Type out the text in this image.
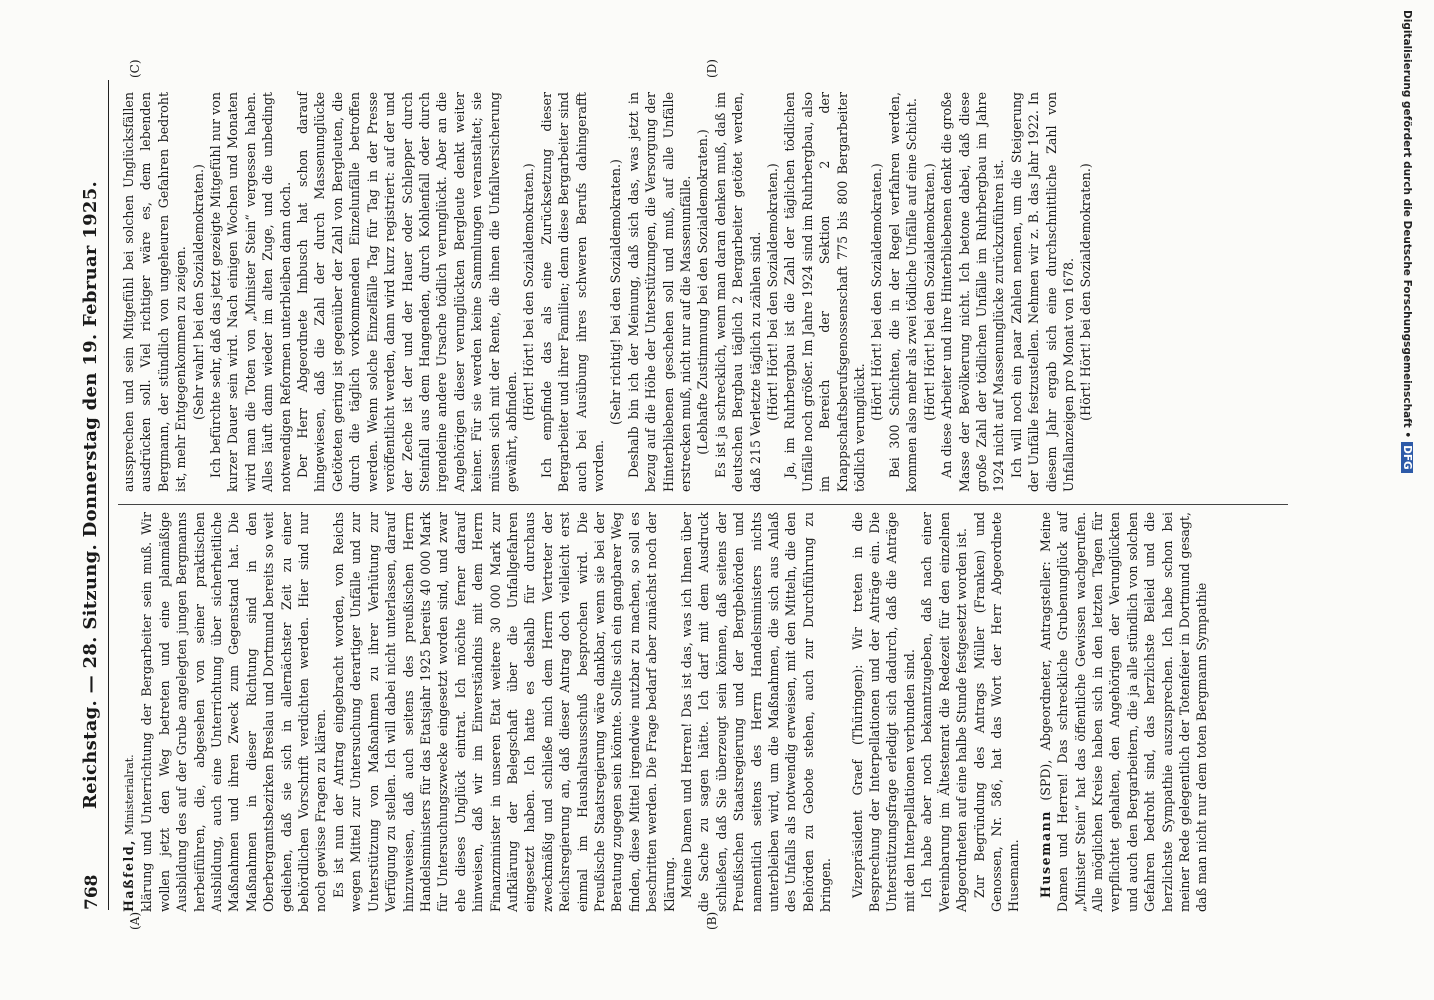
768
Reichstag. — 28. Sitzung. Donnerstag den 19. Februar 1925.
(A)	(B)
(C)	(D)

Haßfeld, Ministerialrat. klärung und Unterrichtung der Bergarbeiter sein muß. Wir wollen jetzt den Weg betreten und eine planmäßige Ausbildung des auf der Grube angelegten jungen Bergmanns herbeiführen, die, abgesehen von seiner praktischen Ausbildung, auch eine Unterrichtung über sicherheitliche Maßnahmen und ihren Zweck zum Gegenstand hat. Die Maßnahmen in dieser Richtung sind in den Oberbergamtsbezirken Breslau und Dortmund bereits so weit gediehen, daß sie sich in allernächster Zeit zu einer behördlichen Vorschrift verdichten werden. Hier sind nur noch gewisse Fragen zu klären. Es ist nun der Antrag eingebracht worden, von Reichs wegen Mittel zur Untersuchung derartiger Unfälle und zur Unterstützung von Maßnahmen zu ihrer Verhütung zur Verfügung zu stellen. Ich will dabei nicht unterlassen, darauf hinzuweisen, daß auch seitens des preußischen Herrn Handelsministers für das Etatsjahr 1925 bereits 40 000 Mark für Untersuchungszwecke eingesetzt worden sind, und zwar ehe dieses Unglück eintrat. Ich möchte ferner darauf hinweisen, daß wir im Einverständnis mit dem Herrn Finanzminister in unseren Etat weitere 30 000 Mark zur Aufklärung der Belegschaft über die Unfallgefahren eingesetzt haben. Ich hatte es deshalb für durchaus zweckmäßig und schließe mich dem Herrn Vertreter der Reichsregierung an, daß dieser Antrag doch vielleicht erst einmal im Haushaltsausschuß besprochen wird. Die Preußische Staatsregierung wäre dankbar, wenn sie bei der Beratung zugegen sein könnte. Sollte sich ein gangbarer Weg finden, diese Mittel irgendwie nutzbar zu machen, so soll es beschritten werden. Die Frage bedarf aber zunächst noch der Klärung. Meine Damen und Herren! Das ist das, was ich Ihnen über die Sache zu sagen hätte. Ich darf mit dem Ausdruck schließen, daß Sie überzeugt sein können, daß seitens der Preußischen Staatsregierung und der Bergbehörden und namentlich seitens des Herrn Handelsministers nichts unterbleiben wird, um die Maßnahmen, die sich aus Anlaß des Unfalls als notwendig erweisen, mit den Mitteln, die den Behörden zu Gebote stehen, auch zur Durchführung zu bringen. Vizepräsident Graef (Thüringen): Wir treten in die Besprechung der Interpellationen und der Anträge ein. Die Unterstützungsfrage erledigt sich dadurch, daß die Anträge mit den Interpellationen verbunden sind. Ich habe aber noch bekanntzugeben, daß nach einer Vereinbarung im Ältestenrat die Redezeit für den einzelnen Abgeordneten auf eine halbe Stunde festgesetzt worden ist. Zur Begründung des Antrags Müller (Franken) und Genossen, Nr. 586, hat das Wort der Herr Abgeordnete Husemann. Husemann (SPD), Abgeordneter, Antragsteller: Meine Damen und Herren! Das schreckliche Grubenunglück auf „Minister Stein“ hat das öffentliche Gewissen wachgerufen. Alle möglichen Kreise haben sich in den letzten Tagen für verpflichtet gehalten, den Angehörigen der Verunglückten und auch den Bergarbeitern, die ja alle stündlich von solchen Gefahren bedroht sind, das herzlichste Beileid und die herzlichste Sympathie auszusprechen. Ich habe schon bei meiner Rede gelegentlich der Totenfeier in Dortmund gesagt, daß man nicht nur dem toten Bergmann Sympathie

aussprechen und sein Mitgefühl bei solchen Unglücksfällen ausdrücken soll. Viel richtiger wäre es, dem lebenden Bergmann, der stündlich von ungeheuren Gefahren bedroht ist, mehr Entgegenkommen zu zeigen. (Sehr wahr! bei den Sozialdemokraten.) Ich befürchte sehr, daß das jetzt gezeigte Mitgefühl nur von kurzer Dauer sein wird. Nach einigen Wochen und Monaten wird man die Toten von „Minister Stein“ vergessen haben. Alles läuft dann wieder im alten Zuge, und die unbedingt notwendigen Reformen unterbleiben dann doch. Der Herr Abgeordnete Imbusch hat schon darauf hingewiesen, daß die Zahl der durch Massenunglücke Getöteten gering ist gegenüber der Zahl von Bergleuten, die durch die täglich vorkommenden Einzelunfälle betroffen werden. Wenn solche Einzelfälle Tag für Tag in der Presse veröffentlicht werden, dann wird kurz registriert: auf der und der Zeche ist der und der Hauer oder Schlepper durch Steinfall aus dem Hangenden, durch Kohlenfall oder durch irgendeine andere Ursache tödlich verunglückt. Aber an die Angehörigen dieser verunglückten Bergleute denkt weiter keiner. Für sie werden keine Sammlungen veranstaltet; sie müssen sich mit der Rente, die ihnen die Unfallversicherung gewährt, abfinden.

(Hört! Hört! bei den Sozialdemokraten.) Ich empfinde das als eine Zurücksetzung dieser Bergarbeiter und ihrer Familien; denn diese Bergarbeiter sind auch bei Ausübung ihres schweren Berufs dahingerafft worden.

(Sehr richtig! bei den Sozialdemokraten.) Deshalb bin ich der Meinung, daß sich das, was jetzt in bezug auf die Höhe der Unterstützungen, die Versorgung der Hinterbliebenen geschehen soll und muß, auf alle Unfälle erstrecken muß, nicht nur auf die Massenunfälle. (Lebhafte Zustimmung bei den Sozialdemokraten.) Es ist ja schrecklich, wenn man daran denken muß, daß im deutschen Bergbau täglich 2 Bergarbeiter getötet werden, daß 215 Verletzte täglich zu zählen sind. (Hört! Hört! bei den Sozialdemokraten.) Ja, im Ruhrbergbau ist die Zahl der täglichen tödlichen Unfälle noch größer. Im Jahre 1924 sind im Ruhrbergbau, also im Bereich der Sektion 2 der Knappschaftsberufsgenossenschaft 775 bis 800 Bergarbeiter tödlich verunglückt.

(Hört! Hört! bei den Sozialdemokraten.) Bei 300 Schichten, die in der Regel verfahren werden, kommen also mehr als zwei tödliche Unfälle auf eine Schicht. (Hört! Hört! bei den Sozialdemokraten.) An diese Arbeiter und ihre Hinterbliebenen denkt die große Masse der Bevölkerung nicht. Ich betone dabei, daß diese große Zahl der tödlichen Unfälle im Ruhrbergbau im Jahre 1924 nicht auf Massenunglücke zurückzuführen ist. Ich will noch ein paar Zahlen nennen, um die Steigerung der Unfälle festzustellen. Nehmen wir z. B. das Jahr 1922. In diesem Jahr ergab sich eine durchschnittliche Zahl von Unfallanzeigen pro Monat von 1678. (Hört! Hört! bei den Sozialdemokraten.)	Digitalisierung gefördert durch die Deutsche Forschungsgemeinschaft •DFG
